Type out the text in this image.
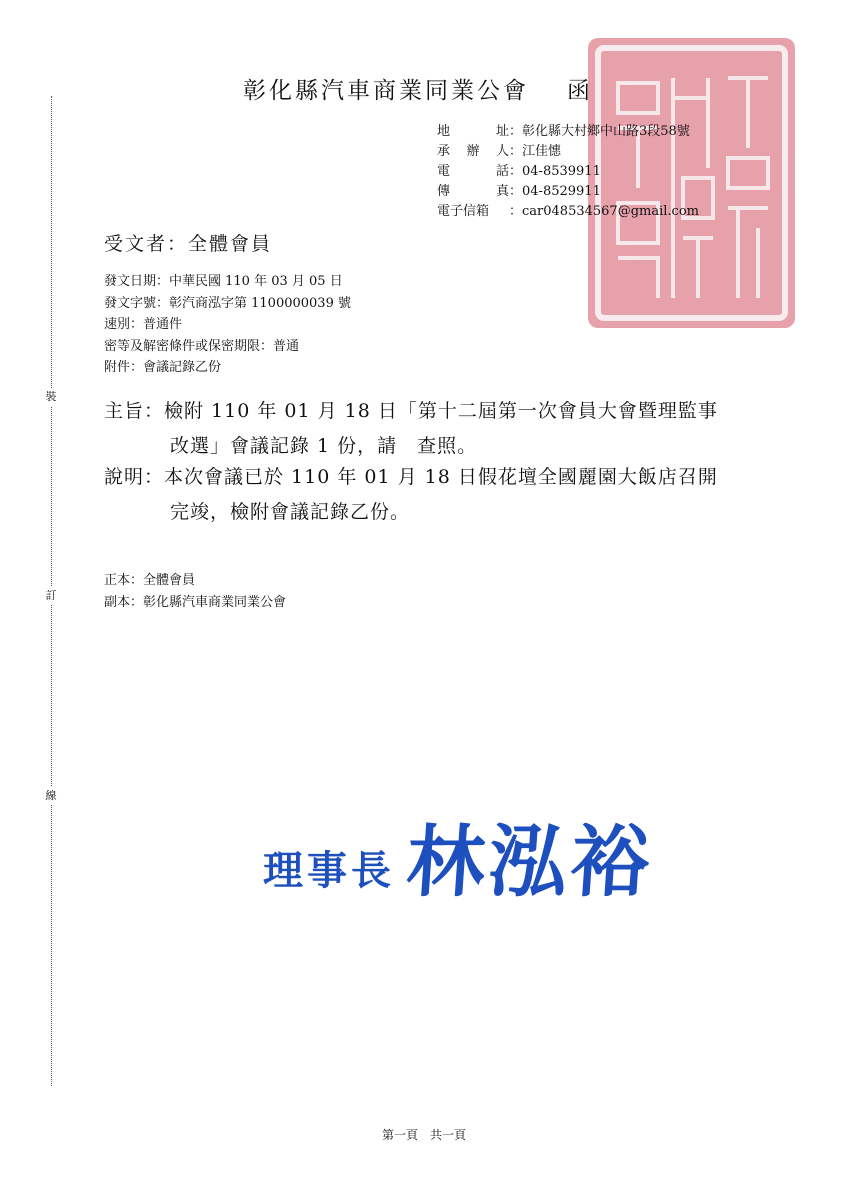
裝
訂
線
彰化縣汽車商業同業公會 函
地	址 ： 彰化縣大村鄉中山路3段58號
承 辦 人 ： 江佳憓
電	話 ： 04-8539911
傳	真 ： 04-8529911
電子信箱 ： car048534567@gmail.com
受文者：全體會員
發文日期：中華民國 110 年 03 月 05 日
發文字號：彰汽商泓字第 1100000039 號
速別：普通件
密等及解密條件或保密期限：普通
附件：會議記錄乙份
主旨：檢附 110 年 01 月 18 日「第十二屆第一次會員大會暨理監事
改選」會議記錄 1 份，請　查照。
說明：本次會議已於 110 年 01 月 18 日假花壇全國麗園大飯店召開
完竣，檢附會議記錄乙份。
正本：全體會員
副本：彰化縣汽車商業同業公會
理事長 林泓裕
第一頁　共一頁
